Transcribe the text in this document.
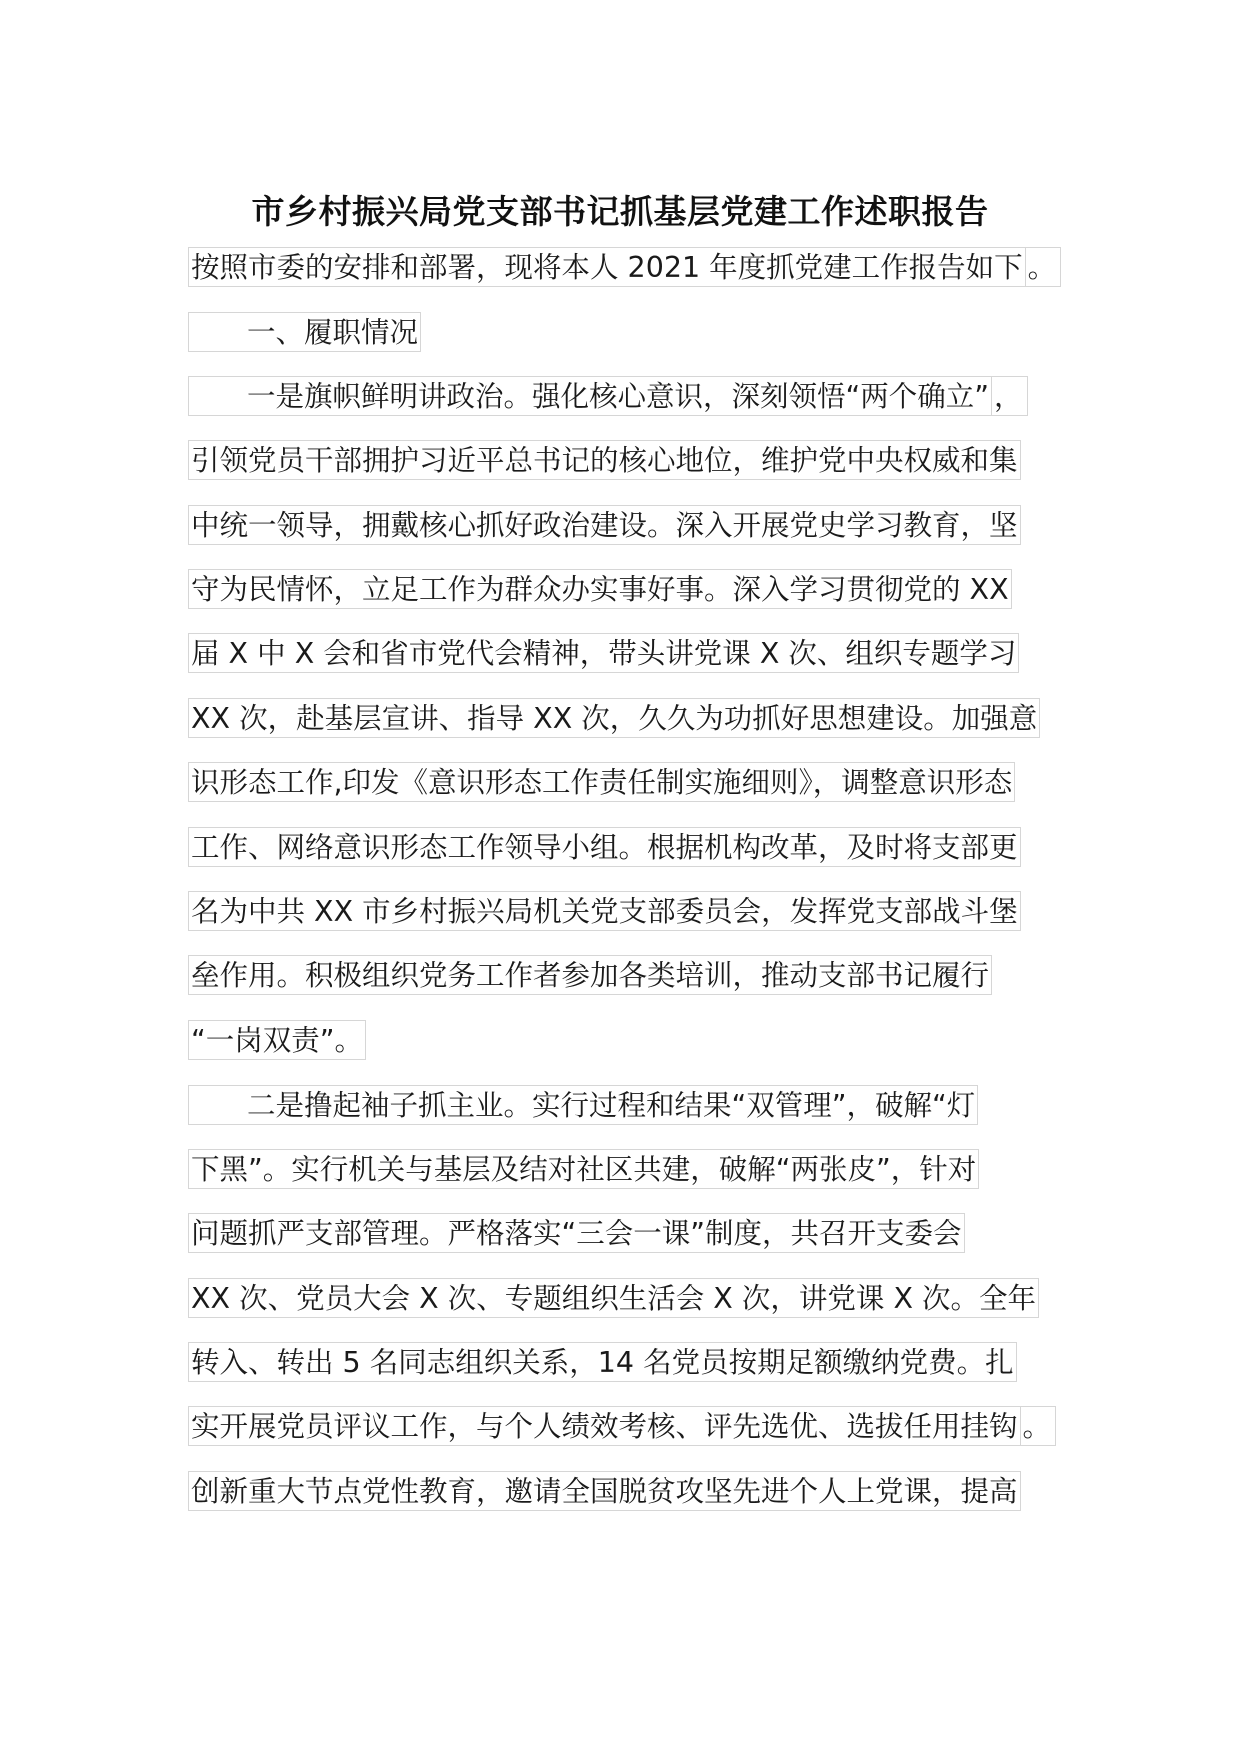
市乡村振兴局党支部书记抓基层党建工作述职报告
按照市委的安排和部署，现将本人 2021 年度抓党建工作报告如下 。
一、履职情况
一是旗帜鲜明讲政治。强化核心意识，深刻领悟“两个确立” ，
引领党员干部拥护习近平总书记的核心地位，维护党中央权威和集
中统一领导，拥戴核心抓好政治建设。深入开展党史学习教育，坚
守为民情怀，立足工作为群众办实事好事。深入学习贯彻党的 XX
届 X 中 X 会和省市党代会精神，带头讲党课 X 次、组织专题学习
XX 次，赴基层宣讲、指导 XX 次，久久为功抓好思想建设。加强意
识形态工作,印发《意识形态工作责任制实施细则》，调整意识形态
工作、网络意识形态工作领导小组。根据机构改革，及时将支部更
名为中共 XX 市乡村振兴局机关党支部委员会，发挥党支部战斗堡
垒作用。积极组织党务工作者参加各类培训，推动支部书记履行
“一岗双责”。
二是撸起袖子抓主业。实行过程和结果“双管理”，破解“灯
下黑”。实行机关与基层及结对社区共建，破解“两张皮”，针对
问题抓严支部管理。严格落实“三会一课”制度，共召开支委会
XX 次、党员大会 X 次、专题组织生活会 X 次，讲党课 X 次。全年
转入、转出 5 名同志组织关系，14 名党员按期足额缴纳党费。扎
实开展党员评议工作，与个人绩效考核、评先选优、选拔任用挂钩 。
创新重大节点党性教育，邀请全国脱贫攻坚先进个人上党课，提高
